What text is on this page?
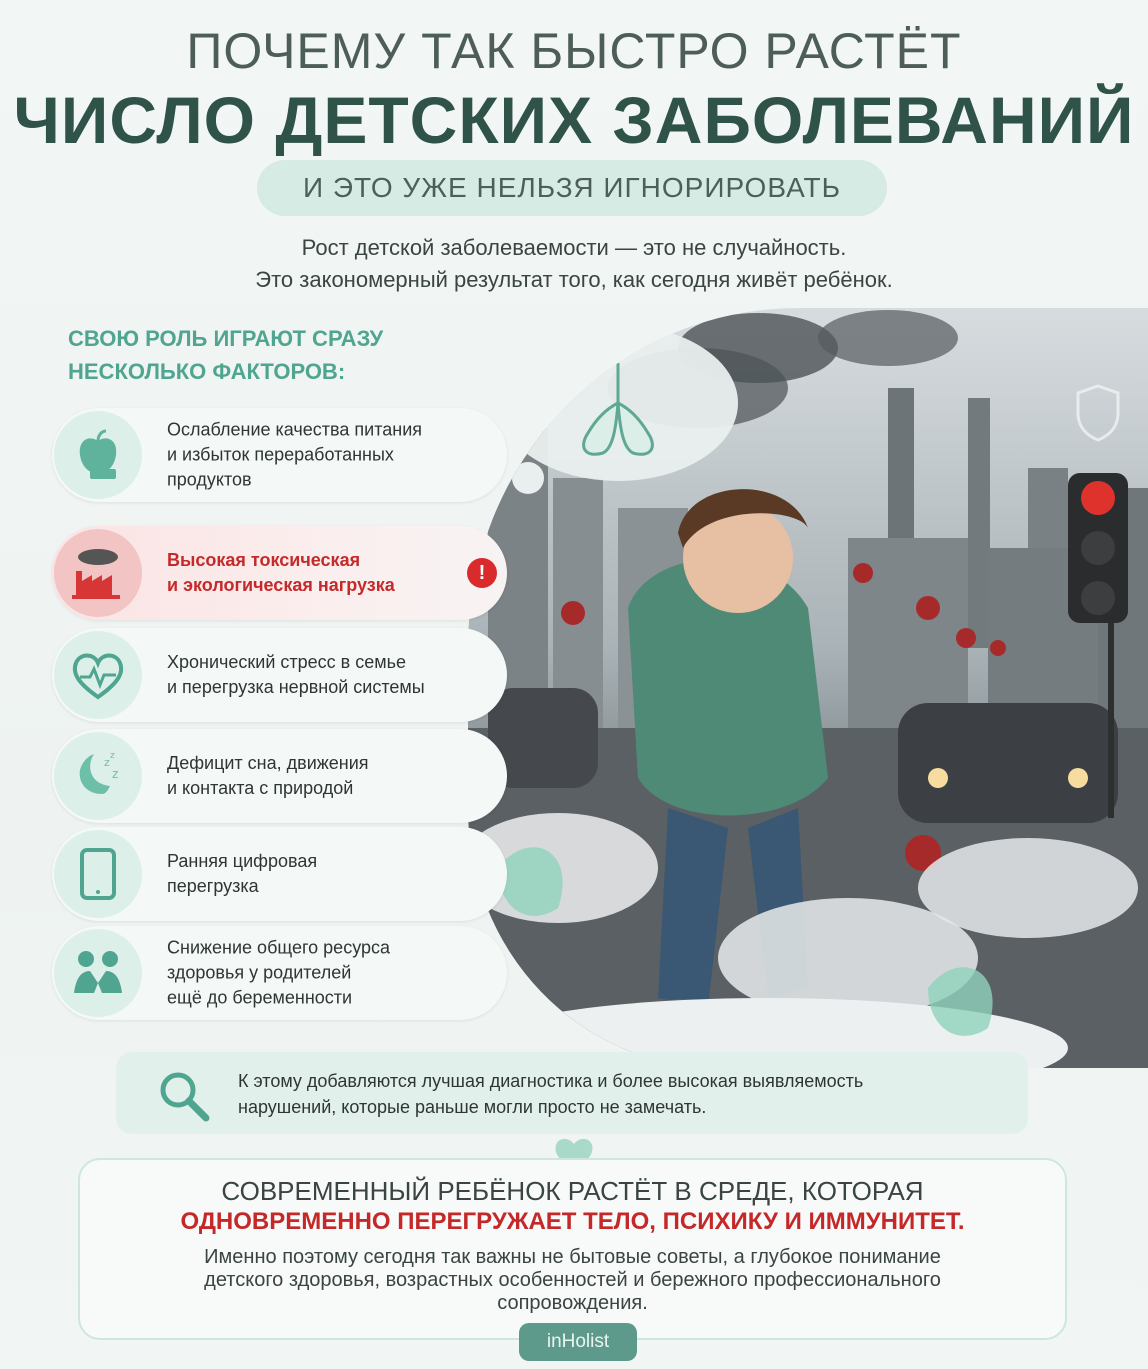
ПОЧЕМУ ТАК БЫСТРО РАСТЁТ
ЧИСЛО ДЕТСКИХ ЗАБОЛЕВАНИЙ
И ЭТО УЖЕ НЕЛЬЗЯ ИГНОРИРОВАТЬ
Рост детской заболеваемости — это не случайность.
Это закономерный результат того, как сегодня живёт ребёнок.
СВОЮ РОЛЬ ИГРАЮТ СРАЗУ
НЕСКОЛЬКО ФАКТОРОВ:
Ослабление качества питания
и избыток переработанных
продуктов
Высокая токсическая
и экологическая нагрузка
!
Хронический стресс в семье
и перегрузка нервной системы
z z
z
Дефицит сна, движения
и контакта с природой
Ранняя цифровая
перегрузка
Снижение общего ресурса
здоровья у родителей
ещё до беременности
К этому добавляются лучшая диагностика и более высокая выявляемость
нарушений, которые раньше могли просто не замечать.
СОВРЕМЕННЫЙ РЕБЁНОК РАСТЁТ В СРЕДЕ, КОТОРАЯ
ОДНОВРЕМЕННО ПЕРЕГРУЖАЕТ ТЕЛО, ПСИХИКУ И ИММУНИТЕТ.
Именно поэтому сегодня так важны не бытовые советы, а глубокое понимание
детского здоровья, возрастных особенностей и бережного профессионального
сопровождения.
inHolist
